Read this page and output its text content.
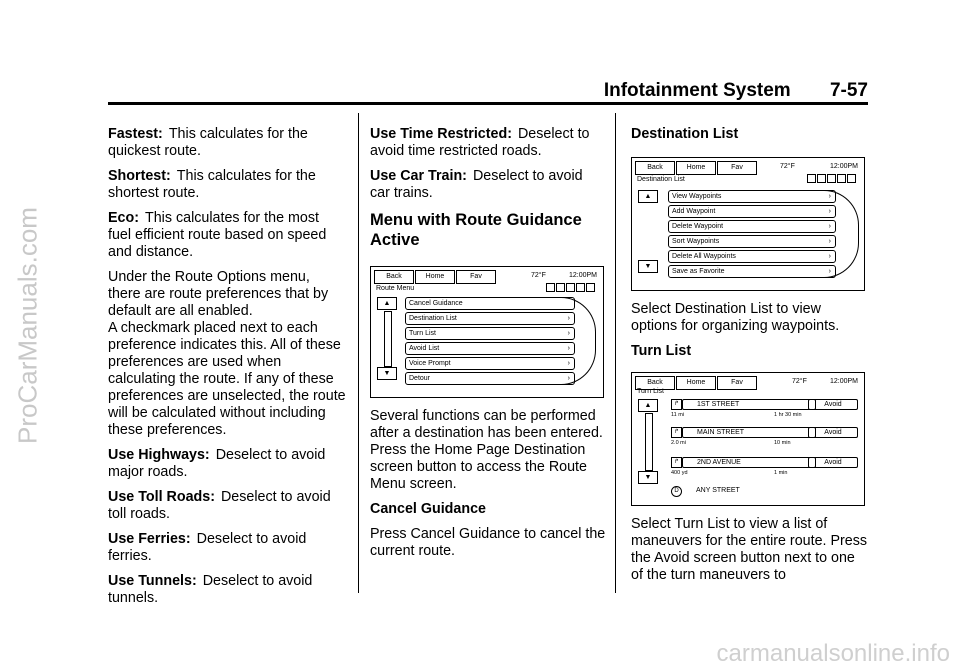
ProCarManuals.com
Infotainment System 7-57

Fastest: This calculates for the quickest route.

Shortest: This calculates for the shortest route.

Eco: This calculates for the most fuel efficient route based on speed and distance.

Under the Route Options menu, there are route preferences that by default are all enabled.

A checkmark placed next to each preference indicates this. All of these preferences are used when calculating the route. If any of these preferences are unselected, the route will be calculated without including these preferences.

Use Highways: Deselect to avoid major roads.

Use Toll Roads: Deselect to avoid toll roads.

Use Ferries: Deselect to avoid ferries.

Use Tunnels: Deselect to avoid tunnels.

Use Time Restricted: Deselect to avoid time restricted roads.

Use Car Train: Deselect to avoid car trains.

Menu with Route Guidance Active
Back	Home	Fav	72°F	12:00PM
Route Menu
▲
▼
Cancel Guidance
Destination List	›
Turn List	›
Avoid List	›
Voice Prompt	›
Detour	›

Several functions can be performed after a destination has been entered. Press the Home Page Destination screen button to access the Route Menu screen.

Cancel Guidance

Press Cancel Guidance to cancel the current route.

Destination List
Back	Home	Fav	72°F	12:00PM
Destination List
▲
▼
View Waypoints	›
Add Waypoint	›
Delete Waypoint	›
Sort Waypoints	›
Delete All Waypoints	›
Save as Favorite	›

Select Destination List to view options for organizing waypoints.

Turn List
Back	Home	Fav	72°F	12:00PM
Turn List
▲
▼
↱	1ST STREET	Avoid
11 mi	1 hr 30 min
↱	MAIN STREET	Avoid
2.0 mi	10 min
↱	2ND AVENUE	Avoid
400 yd	1 min
D	ANY STREET

Select Turn List to view a list of maneuvers for the entire route. Press the Avoid screen button next to one of the turn maneuvers to

carmanualsonline.info
